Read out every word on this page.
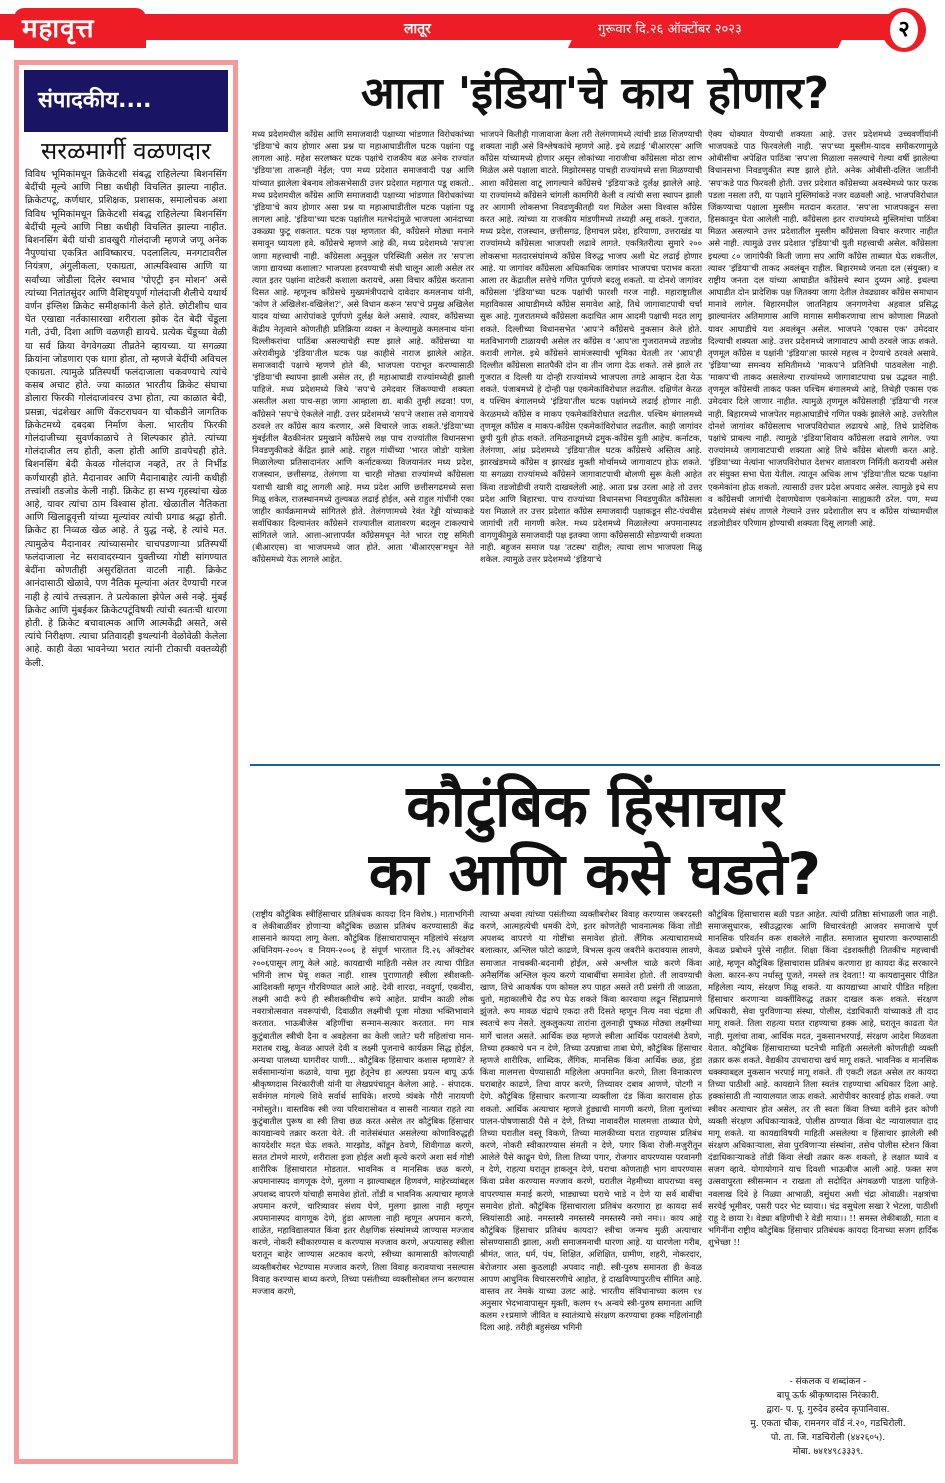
महावृत्त	लातूर	गुरूवार दि.२६ ऑक्टोंबर २०२३	२
संपादकीय....
सरळमार्गी वळणदार
विविध भूमिकांमधून क्रिकेटशी संबद्ध राहिलेल्या बिशनसिंग बेदींची मूल्ये आणि निष्ठा कधीही विचलित झाल्या नाहीत. क्रिकेटपटू, कर्णधार, प्रशिक्षक, प्रशासक, समालोचक अशा विविध भूमिकांमधून क्रिकेटशी संबद्ध राहिलेल्या बिशनसिंग बेदींची मूल्ये आणि निष्ठा कधीही विचलित झाल्या नाहीत. बिशनसिंग बेदी यांची डावखुरी गोलंदाजी म्हणजे जणू अनेक नैपुण्यांचा एकत्रित आविष्कारच. पदलालित्य, मनगटावरील नियंत्रण, अंगुलीकला, एकाग्रता, आत्मविश्वास आणि या सर्वांच्या जोडीला दिलेर स्वभाव 'पोएट्री इन मोशन' असे त्यांच्या नितांतसुंदर आणि वैशिष्ट्यपूर्ण गोलंदाजी शैलीचे यथार्थ वर्णन इंग्लिश क्रिकेट समीक्षकांनी केले होते. छोटीशीच धाव घेत एखाद्या नर्तकासारखा शरीराला झोक देत बेदी चेंडूला गती, उंची, दिशा आणि वळणही द्यायचे. प्रत्येक चेंडूच्या वेळी या सर्व क्रिया वेगवेगळ्या तीव्रतेने व्हायच्या. या सगळ्या क्रियांना जोडणारा एक धागा होता, तो म्हणजे बेदींची अविचल एकाग्रता. त्यामुळे प्रतिस्पर्धी फलंदाजाला चकवण्याचे त्यांचे कसब अचाट होते. ज्या काळात भारतीय क्रिकेट संघाचा डोलारा फिरकी गोलंदाजांवरच उभा होता, त्या काळात बेदी, प्रसन्ना, चंद्रशेखर आणि वेंकटराघवन या चौकडीने जागतिक क्रिकेटमध्ये दबदबा निर्माण केला. भारतीय फिरकी गोलंदाजीच्या सुवर्णकाळाचे ते शिल्पकार होते. त्यांच्या गोलंदाजीत लय होती, कला होती आणि डावपेचही होते. बिशनसिंग बेदी केवळ गोलंदाज नव्हते, तर ते निर्भीड कर्णधारही होते. मैदानावर आणि मैदानाबाहेर त्यांनी कधीही तत्त्वांशी तडजोड केली नाही. क्रिकेट हा सभ्य गृहस्थांचा खेळ आहे, यावर त्यांचा ठाम विश्वास होता. खेळातील नैतिकता आणि खिलाडूवृत्ती यांच्या मूल्यांवर त्यांची प्रगाढ श्रद्धा होती. क्रिकेट हा निव्वळ खेळ आहे. ते युद्ध नव्हे, हे त्यांचे मत. त्यामुळेच मैदानावर त्यांच्यासमोर चाचपडणाऱ्या प्रतिस्पर्धी फलंदाजाला नेट सरावादरम्यान युक्तीच्या गोष्टी सांगण्यात बेदींना कोणतीही असुरक्षितता वाटली नाही. क्रिकेट आनंदासाठी खेळावे, पण नैतिक मूल्यांना अंतर देण्याची गरज नाही हे त्यांचे तत्त्वज्ञान. ते प्रत्येकाला झेपेल असे नव्हे. मुंबई क्रिकेट आणि मुंबईकर क्रिकेटपटूंविषयी त्यांची स्वतःची धारणा होती. हे क्रिकेट बचावात्मक आणि आत्मकेंद्री असते, असे त्यांचे निरीक्षण. त्याचा प्रतिवादही इथल्यांनी वेळोवेळी केलेला आहे. काही वेळा भावनेच्या भरात त्यांनी टोकाची वक्तव्येही केली.
आता 'इंडिया'चे काय होणार?
मध्य प्रदेशमधील कॉंग्रेस आणि समाजवादी पक्षाच्या भांडणात विरोधकांच्या 'इंडिया'चे काय होणार असा प्रश्न या महाआघाडीतील घटक पक्षांना पडू लागला आहे. महेश सरलष्कर घटक पक्षांचे राजकीय बळ अनेक राज्यांत 'इंडिया'ला तारूनही नेईल; पण मध्य प्रदेशात समाजवादी पक्ष आणि यांच्यात झालेला बेबनाव लोकसभेसाठी उत्तर प्रदेशात महागात पडू शकतो.. मध्य प्रदेशमधील कॉंग्रेस आणि समाजवादी पक्षाच्या भांडणात विरोधकांच्या 'इंडिया'चे काय होणार असा प्रश्न या महाआघाडीतील घटक पक्षांना पडू लागला आहे. 'इंडिया'च्या घटक पक्षांतील मतभेदांमुळे भाजपला आनंदाच्या उकळ्या फुटू शकतात. घटक पक्ष म्हणतात की, कॉंग्रेसने मोठ्या मनाने समावून घ्यायला हवे. कॉंग्रेसचे म्हणणे आहे की, मध्य प्रदेशमध्ये 'सप'ला जागा महत्त्वाची नाही. कॉंग्रेसला अनुकूल परिस्थिती असेल तर 'सप'ला जागा द्यायच्या कशाला? भाजपला हरवण्याची संधी चालून आली असेल तर त्यात इतर पक्षांना वाटेकरी कशाला करायचे, असा विचार कॉंग्रेस करताना दिसत आहे. म्हणूनच कॉंग्रेसचे मुख्यमंत्रीपदाचे दावेदार कमलनाथ यांनी, 'कोण ते अखिलेश-वखिलेश?', असे विधान करून 'सप'चे प्रमुख अखिलेश यादव यांच्या आरोपांकडे पूर्णपणे दुर्लक्ष केले असावे. त्यावर, कॉंग्रेसच्या केंद्रीय नेतृत्वाने कोणतीही प्रतिक्रिया व्यक्त न केल्यामुळे कमलनाथ यांना दिल्लीकरांचा पाठिंबा असल्याचेही स्पष्ट झाले आहे. कॉंग्रेसच्या या अरेरावीमुळे 'इंडिया'तील घटक पक्ष काहीसे नाराज झालेले आहेत. समाजवादी पक्षाचे म्हणणे होते की, भाजपला पराभूत करण्यासाठी 'इंडिया'ची स्थापना झाली असेल तर, ही महाआघाडी राज्यांमध्येही झाली पाहिजे. मध्य प्रदेशमध्ये जिथे 'सप'चे उमेदवार जिंकण्याची शक्यता असतील अशा पाच-सहा जागा आम्हाला द्या. बाकी तुम्ही लढवा! पण, कॉंग्रेसने 'सप'चे ऐकलेले नाही. उत्तर प्रदेशमध्ये 'सप'ने जशास तसे वागायचे ठरवले तर कॉंग्रेस काय करणार, असे विचारले जाऊ शकते.'इंडिया'च्या मुंबईतील बैठकीनंतर प्रमुखाने कॉंग्रेसचे लक्ष पाच राज्यांतील विधानसभा निवडणुकीकडे केंद्रित झाले आहे. राहुल गांधींच्या 'भारत जोडो' यात्रेला मिळालेल्या प्रतिसादानंतर आणि कर्नाटकच्या विजयानंतर मध्य प्रदेश, राजस्थान, छत्तीसगढ, तेलंगणा या चारही मोठ्या राज्यांमध्ये कॉंग्रेसला यशाची खात्री वाटू लागली आहे. मध्य प्रदेश आणि छत्तीसगढमध्ये सत्ता मिळू शकेल, राजस्थानमध्ये तुल्यबळ लढाई होईल, असे राहुल गांधींनी एका जाहीर कार्यक्रमामध्ये सांगितले होते. तेलंगणामध्ये रेवंत रेड्डी यांच्याकडे सर्वाधिकार दिल्यानंतर कॉंग्रेसने राज्यातील वातावरण बदलून टाकल्याचे सांगितले जाते. आत्ता-आत्तापर्यंत कॉंग्रेसमधून नेते भारत राष्ट्र समिती (बीआरएस) वा भाजपमध्ये जात होते. आता 'बीआरएस'मधून नेते कॉंग्रेसमध्ये येऊ लागले आहेत.
भाजपने कितीही गाजावाजा केला तरी तेलंगणामध्ये त्यांची डाळ शिजण्याची शक्यता नाही असे विश्लेषकांचे म्हणणे आहे. इथे लढाई 'बीआरएस' आणि कॉंग्रेस यांच्यामध्ये होणार असून लोकांच्या नाराजीचा कॉंग्रेसला मोठा लाभ मिळेल असे पक्षाला वाटते. मिझोरमसह पाचही राज्यांमध्ये सत्ता मिळण्याची आशा कॉंग्रेसला वाटू लागल्याने कॉंग्रेसचे 'इंडिया'कडे दुर्लक्ष झालेले आहे. या राज्यांमध्ये कॉंग्रेसने चांगली कामगिरी केली व त्यांची सत्ता स्थापन झाली तर आगामी लोकसभा निवडणुकीतही यश मिळेल असा विश्वास कॉंग्रेस करत आहे. त्यांच्या या राजकीय मांडणीमध्ये तथ्यही असू शकते. गुजरात, मध्य प्रदेश, राजस्थान, छत्तीसगढ, हिमाचल प्रदेश, हरियाणा, उत्तराखंड या राज्यांमध्ये कॉंग्रेसला भाजपशी लढावे लागते. एकत्रितरीत्या सुमारे २०० लोकसभा मतदारसंघांमध्ये कॉंग्रेस विरुद्ध भाजप अशी थेट लढाई होणार आहे. या जागांवर कॉंग्रेसला अधिकाधिक जागांवर भाजपचा पराभव करता आला तर केंद्रातील सत्तेचे गणित पूर्णपणे बदलू शकतो. या दोनशे जागांवर कॉंग्रेसला 'इंडिया'च्या घटक पक्षांची फारशी गरज नाही. महाराष्ट्रातील महाविकास आघाडीमध्ये कॉंग्रेस समावेश आहे, तिथे जागावाटपाची चर्चा सुरू आहे. गुजरातमध्ये कॉंग्रेसला कदाचित आम आदमी पक्षाची मदत लागू शकते. दिल्लीच्या विधानसभेत 'आप'ने कॉंग्रेसचे नुकसान केले होते. मतविभागणी टाळायची असेल तर कॉंग्रेस व 'आप'ला गुजरातमध्ये तडजोड करावी लागेल. इथे कॉंग्रेसने सामंजस्याची भूमिका घेतली तर 'आप'ही दिल्लीत कॉंग्रेसला सातपैकी दोन वा तीन जागा देऊ शकते. तसे झाले तर गुजरात व दिल्ली या दोन्ही राज्यांमध्ये भाजपला तगडे आव्हान देता येऊ शकते. पंजाबमध्ये हे दोन्ही पक्ष एकमेकांविरोधात लढतील. दक्षिणेत केरळ व पश्चिम बंगालमध्ये 'इंडिया'तील घटक पक्षांमध्ये लढाई होणार नाही. केरळमध्ये कॉंग्रेस व माकप एकमेकांविरोधात लढतील. पश्चिम बंगालमध्ये तृणमूल कॉंग्रेस व माकप-कॉंग्रेस एकमेकांविरोधात लढतील. काही जागांवर छुपी युती होऊ शकते. तमिळनाडूमध्ये द्रमुक-कॉंग्रेस युती आहेच. कर्नाटक, तेलंगणा, आंध्र प्रदेशमध्ये 'इंडिया'तील घटक कॉंग्रेसचे अस्तित्व आहे. झारखंडमध्ये कॉंग्रेस व झारखंड मुक्ती मोर्चामध्ये जागावाटप होऊ शकते. या सगळ्या राज्यांमध्ये कॉंग्रेसने जागावाटपाची बोलणी सुरू केली आहेत किंवा तडजोडीची तयारी दाखवलेली आहे. आता प्रश्न उरला आहे तो उत्तर प्रदेश आणि बिहारचा. पाच राज्यांच्या विधानसभा निवडणुकीत कॉंग्रेसला यश मिळाले तर उत्तर प्रदेशात कॉंग्रेस समाजवादी पक्षाकडून सीट-पंचवीस जागांची तरी मागणी करेल. मध्य प्रदेशमध्ये मिळालेल्या अपमानास्पद वागणुकीमुळे समाजवादी पक्ष इतक्या जागा कॉंग्रेससाठी सोडण्याची शक्यता नाही. बहुजन समाज पक्ष 'तटस्थ' राहील; त्याचा लाभ भाजपला मिळू शकेल. त्यामुळे उत्तर प्रदेशमध्ये 'इंडिया'चे
ऐक्य धोक्यात येण्याची शक्यता आहे. उत्तर प्रदेशमध्ये उच्चवर्णीयांनी भाजपकडे पाठ फिरवलेली नाही. 'सप'च्या मुस्लीम-यादव समीकरणामुळे ओबीसींचा अपेक्षित पाठिंबा 'सप'ला मिळाला नसल्याचे गेल्या वर्षी झालेल्या विधानसभा निवडणुकीत स्पष्ट झाले होते. अनेक ओबीसी-दलित जातींनी 'सप'कडे पाठ फिरवली होती. उत्तर प्रदेशात कॉंग्रेसच्या अवस्थेमध्ये फार फरक पडला नसला तरी, या पक्षाने मुस्लिमांकडे नजर वळवली आहे. भाजपविरोधात जिंकण्याचा पक्षाला मुस्लीम मतदान करतात. 'सप'ला भाजपकडून सत्ता हिसकावून घेता आलेली नाही. कॉंग्रेसला इतर राज्यांमध्ये मुस्लिमांचा पाठिंबा मिळत असल्याने उत्तर प्रदेशातील मुस्लीम कॉंग्रेसला विचार करणार नाहीत असे नाही. त्यामुळे उत्तर प्रदेशात 'इंडिया'ची युती महत्त्वाची असेल. कॉंग्रेसला इथल्या ८० जागांपैकी किती जागा सप आणि कॉंग्रेस ताब्यात घेऊ शकतील, त्यावर 'इंडिया'ची ताकद अवलंबून राहील. बिहारमध्ये जनता दल (संयुक्त) व राष्ट्रीय जनता दल यांच्या आघाडीत कॉंग्रेसचे स्थान दुय्यम आहे. इथल्या आघाडीत दोन प्रादेशिक पक्ष जितक्या जागा देतील तेवढ्यावर कॉंग्रेस समाधान मानावे लागेल. बिहारमधील जातनिहाय जनगणनेचा अहवाल प्रसिद्ध झाल्यानंतर अतिमागास आणि मागास समीकरणाचा लाभ कोणाला मिळतो यावर आघाडीचे यश अवलंबून असेल. भाजपने 'एकास एक' उमेदवार दिल्याची शक्यता आहे. उत्तर प्रदेशमध्ये जागावाटप आधी ठरवले जाऊ शकते. तृणमूल कॉंग्रेस व पक्षांनी 'इंडिया'ला फारसे महत्त्व न देण्याचे ठरवले असावे. 'इंडिया'च्या समन्वय समितीमध्ये 'माकप'ने प्रतिनिधी पाठवलेला नाही. 'माकप'ची ताकद असलेल्या राज्यांमध्ये जागावाटपाचा प्रश्न उद्भवत नाही. तृणमूल कॉंग्रेसची ताकद फक्त पश्चिम बंगालमध्ये आहे, तिथेही एकास एक उमेदवार दिले जाणार नाहीत. त्यामुळे तृणमूल कॉंग्रेसलाही 'इंडिया'ची गरज नाही. बिहारमध्ये भाजपेतर महाआघाडीचे गणित पक्के झालेले आहे. उत्तरेतील दोनशे जागांवर कॉंग्रेसलाच भाजपविरोधात लढायचे आहे, तिथे प्रादेशिक पक्षांचे प्राबल्य नाही. त्यामुळे 'इंडिया'शिवाय कॉंग्रेसला लढावे लागेल. ज्या राज्यांमध्ये जागावाटपाची शक्यता आहे तिथे कॉंग्रेस बोलणी करत आहे. 'इंडिया'च्या नेत्यांना भाजपविरोधात देशभर वातावरण निर्मिती करायची असेल तर संयुक्त सभा घेता येतील. त्यातून अधिक लाभ 'इंडिया'तील घटक पक्षांना एकमेकांना होऊ शकतो. त्यासाठी उत्तर प्रदेश अपवाद असेल. त्यामुळे इथे सप व कॉंग्रेसची जागांची देवाणघेवाण एकमेकांना साह्यकारी ठरेल. पण, मध्य प्रदेशमध्ये संबंध ताणले गेल्याने उत्तर प्रदेशातील सप व कॉंग्रेस यांच्यामधील तडजोडीवर परिणाम होण्याची शक्यता दिसू लागली आहे.
कौटुंबिक हिंसाचार
का आणि कसे घडते?
(राष्ट्रीय कौटुंबिक स्त्रीहिंसाचार प्रतिबंधक कायदा दिन विशेष.) माताभगिनी व लेकीबाळींवर होणाऱ्या कौटुंबिक छळास प्रतिबंध करण्यासाठी केंद्र शासनाने कायदा लागू केला. कौटुंबिक हिंसाचारापासून महिलांचे संरक्षण अधिनियम-२००५ व नियम-२००६ हे संपूर्ण भारतात दि.२६ ऑक्टोबर २००६पासून लागू केले आहे. कायद्याची माहिती नसेल तर त्याचा पीडित भगिनी लाभ घेवू शकत नाही. शास्त्र पुराणातही स्त्रीला स्त्रीशक्ती-आदिशक्ती म्हणून गौरविण्यात आले आहे. देवी शारदा, नवदुर्गा, एकवीरा, लक्ष्मी आदी रूपे ही स्त्रीशक्तीचीच रूपे आहेत. प्राचीन काळी लोक नवरात्रोत्सवात नवरूपांची, दिवाळीत लक्ष्मीची पूजा मोठ्या भक्तिभावाने करतात. भाऊबीजेस बहिणींचा सन्मान-सत्कार करतात. मग मात्र कुटुंबातील स्त्रीची दैना व अवहेलना का केली जाते? घरी महिलांचा मान-मरातब राखू, केवळ आपले देवी व लक्ष्मी पूजनाचे कार्यक्रम सिद्ध होईल, अन्यथा पालथ्या घागरीवर पाणी... कौटुंबिक हिंसाचार कशास म्हणावे? ते सर्वसामान्यांना कळावे, याचा मुद्दा हेतूनेच हा अल्पसा प्रयत्न बापू ऊर्फ श्रीकृष्णदास निरंकारीजी यांनी या लेखप्रपंचातून केलेला आहे. - संपादक. सर्वमंगल मांगल्ये शिवे सर्वार्थ साधिके। शरण्ये त्र्यंबके गौरी नारायणी नमोस्तुते।। वास्तविक स्त्री ज्या परिवारासोबत व सासरी नात्यात राहते त्या कुटुंबातील पुरूष वा स्त्री तिचा छळ करत असेल तर कौटुंबिक हिंसाचार कायद्यान्वये तक्रार करता येते. ती नातेसंबंधात असलेल्या कोणाविरुद्धही कायदेशीर मदत घेऊ शकते. मारझोड, कोंडून ठेवणे, शिवीगाळ करणे, सतत टोमणे मारणे, शरीराला इजा होईल अशी कृत्ये करणे अशा सर्व गोष्टी शारीरिक हिंसाचारात मोडतात. भावनिक व मानसिक छळ करणे, अपमानास्पद वागणूक देणे, मुलगा न झाल्याबद्दल हिणवणे, माहेरच्यांबद्दल अपशब्द वापरणे यांचाही समावेश होतो. तोंडी व भावनिक अत्याचार म्हणजे अपमान करणे, चारित्र्यावर संशय घेणे, मुलगा झाला नाही म्हणून अपमानास्पद वागणूक देणे, हुंडा आणला नाही म्हणून अपमान करणे, शाळेत, महाविद्यालयात किंवा इतर शैक्षणिक संस्थांमध्ये जाण्यास मज्जाव करणे, नोकरी स्वीकारण्यास व करण्यास मज्जाव करणे, अपत्यासह स्त्रीला घरातून बाहेर जाण्यास अटकाव करणे, स्त्रीच्या कामासाठी कोणत्याही व्यक्तीबरोबर भेटण्यास मज्जाव करणे, तिला विवाह करावयाचा नसल्यास विवाह करण्यास बाध्य करणे, तिच्या पसंतीच्या व्यक्तीसोबत लग्न करण्यास मज्जाव करणे,
त्याच्या अथवा त्यांच्या पसंतीच्या व्यक्तीबरोबर विवाह करण्यास जबरदस्ती करणे, आत्महत्येची धमकी देणे, इतर कोणतेही भावनात्मक किंवा तोंडी अपशब्द वापरणे या गोष्टींचा समावेश होतो. लैंगिक अत्याचारामध्ये बलात्कार, अश्लिल फोटो काढणे, बिभत्स कृत्य जबरीने करावयास लावणे, समाजात नाचक्की-बदनामी होईल, असे अश्लील चाळे करणे किंवा अनैसर्गिक अश्लिल कृत्य करणे याबाबींचा समावेश होतो. ती लावण्याची खाण, तिचे आकर्षक पण कोमल रुप पाहत असते तरी प्रसंगी ती जाळता, धुतो, महाकालीचे रौद्र रुप घेऊ शकते किंवा कारवाया लढून सिंहाप्रमाणे झुंजते. रूप मावळ चंद्राचे एकदा तरी दिसते म्हणून नित्य नवा चंद्रमा ती स्वतःचे रूप नेसते. लुकलुकत्या तारांना तुलनाही पुष्कळ मोठ्या लक्ष्मीच्या मार्गे चालत असते. आर्थिक छळ म्हणजे स्त्रीला आर्थिक परावलंबी ठेवणे, तिच्या हक्काचे धन न देणे, तिच्या उत्पन्नाचा ताबा घेणे, कौटुंबिक हिंसाचार म्हणजे शारीरिक, शाब्दिक, लैंगिक, मानसिक किंवा आर्थिक छळ, हुंडा किंवा मालमत्ता घेण्यासाठी महिलेला अपमानित करणे, तिला विनाकारण घराबाहेर काढणे, तिचा वापर करणे, तिच्यावर दबाव आणणे, पोटगी न देणे. कौटुंबिक हिंसाचार करणाऱ्या व्यक्तीला दंड किंवा कारावास होऊ शकतो. आर्थिक अत्याचार म्हणजे हुंड्याची मागणी करणे, तिला मुलांच्या पालन-पोषणासाठी पैसे न देणे, तिच्या नावावरील मालमत्ता ताब्यात घेणे, तिच्या घरातील वस्तू विकणे, तिच्या मालकीच्या घरात राहण्यास प्रतिबंध करणे, नोकरी स्वीकारण्यास संमती न देणे, पगार किंवा रोजी-मजुरीतून आलेले पैसे काढून घेणे, तिला तिच्या पगार, रोजगार वापरण्यास परवानगी न देणे, राहत्या घरातून हाकलून देणे, घराचा कोणताही भाग वापरण्यास किंवा प्रवेश करण्यास मज्जाव करणे, घरातील नेहमीच्या वापराच्या वस्तू वापरण्यास मनाई करणे, भाड्याच्या घराचे भाडे न देणे या सर्व बाबींचा समावेश होतो. कौटुंबिक हिंसाचाराला प्रतिबंध करणारा हा कायदा सर्व स्त्रियांसाठी आहे. नमस्तस्यै नमस्तस्यै नमस्तस्यै नमो नमः।। काय आहे कौटुंबिक हिंसाचार प्रतिबंध कायदा? स्त्रीचा जन्मच मुळी अत्याचार सोसण्यासाठी झाला, अशी समाजमनाची धारणा आहे. या धारणेला गरीब, श्रीमंत, जात, धर्म, पंथ, शिक्षित, अशिक्षित, ग्रामीण, शहरी, नोकरदार, बेरोजगार असा कुठलाही अपवाद नाही. स्त्री-पुरुष समानता ही केवळ आपण आधुनिक विचारसरणीचे आहोत, हे दाखविण्यापुरतीच सीमित आहे. वास्तव तर नेमके याच्या उलट आहे. भारतीय संविधानाच्या कलम १४ अनुसार भेदभावापासून मुक्ती, कलम १५ अन्वये स्त्री-पुरुष समानता आणि कलम २१प्रमाणे जीवित व स्वातंत्र्याचे संरक्षण करण्याचा हक्क महिलांनाही दिला आहे. तरीही बहुसंख्य भगिनी
कौटुंबिक हिंसाचारास बळी पडत आहेत. त्यांची प्रतिष्ठा सांभाळली जात नाही. समाजसुधारक, स्त्रीउद्धारक आणि विचारवंतही आजवर समाजाचे पूर्ण मानसिक परिवर्तन करू शकलेले नाहीत. समाजात सुधारणा करण्यासाठी केवळ प्रबोधने पुरेसे नाहीत. शिक्षा किंवा दंडशक्तीही तितकीच महत्त्वाची आहे, म्हणून कौटुंबिक हिंसाचारास प्रतिबंध करणारा हा कायदा केंद्र सरकारने केला. कारन-रूप नर्धास्तु पूजते, नमस्ते तत्र देवता!! या कायद्यानुसार पीडित महिलेला न्याय, संरक्षण मिळू शकते. या कायद्याच्या आधारे पीडित महिला हिंसाचार करणाऱ्या व्यक्तींविरुद्ध तक्रार दाखल करू शकते. संरक्षण अधिकारी, सेवा पुरविणाऱ्या संस्था, पोलीस, दंडाधिकारी यांच्याकडे ती दाद मागू शकते. तिला राहत्या घरात राहण्याचा हक्क आहे, घरातून काढता येत नाही. मुलांचा ताबा, आर्थिक मदत, नुकसानभरपाई, संरक्षण आदेश मिळवता येतात. कौटुंबिक हिंसाचाराच्या घटनेची माहिती असलेली कोणतीही व्यक्ती तक्रार करू शकते. वैद्यकीय उपचाराचा खर्च मागू शकते. भावनिक व मानसिक धक्क्याबद्दल नुकसान भरपाई मागू शकते. ती एकटी लढत असेल तर कायदा तिच्या पाठीशी आहे. कायद्याने तिला स्वतंत्र राहण्याचा अधिकार दिला आहे. हक्कांसाठी ती न्यायालयात जाऊ शकते. आरोपीवर कारवाई होऊ शकते. ज्या स्त्रीवर अत्याचार होत असेल, तर ती स्वतः किंवा तिच्या वतीने इतर कोणी व्यक्ती संरक्षण अधिकाऱ्याकडे, पोलीस ठाण्यात किंवा थेट न्यायालयात दाद मागू शकते. या कायद्याविषयी माहिती असलेल्या व हिंसाचार झालेली स्त्री संरक्षण अधिकाऱ्याला, सेवा पुरविणाऱ्या संस्थांना, तसेच पोलीस स्टेशन किंवा दंडाधिकाऱ्याकडे तोंडी किंवा लेखी तक्रार करू शकतो, हे लक्षात घ्यावे व सजग व्हावे. योगायोगाने याच दिवशी भाऊबीज आली आहे. फक्त सण उत्सवापुरता स्त्रीसन्मान न राखता तो सदोदित अंगवळणी पाडला पाहिजे- नवलाख दिवे हे निळ्या आभाळी, वसुंधरा अशी चंद्रा ओवाळी। नक्षत्रांचा सरयेई भूमीवर, पसरी पदर भेट घ्याया।। चंद्र वसुधेला सखा रे भेटला, पाठीशी राहू दे छाया रे। वेड्या बहिणीची रे वेडी माया।। !! समस्त लेकीबाळी, माता व भगिनींना राष्ट्रीय कौटुंबिक हिंसाचार प्रतिबंधक कायदा दिनाच्या सजग हार्दिक शुभेच्छा !!

- संकलक व शब्दांकन -

बापू ऊर्फ श्रीकृष्णदास निरंकारी.

द्वारा- प. पू. गुरुदेव हस्देव कृपानिवास.

मु. एकता चौक, रामनगर वॉर्ड नं.२०, गडचिरोली.

पो. ता. जि. गडचिरोली (४४२६०५).

मोबा. ७४१४९८३३३९.
